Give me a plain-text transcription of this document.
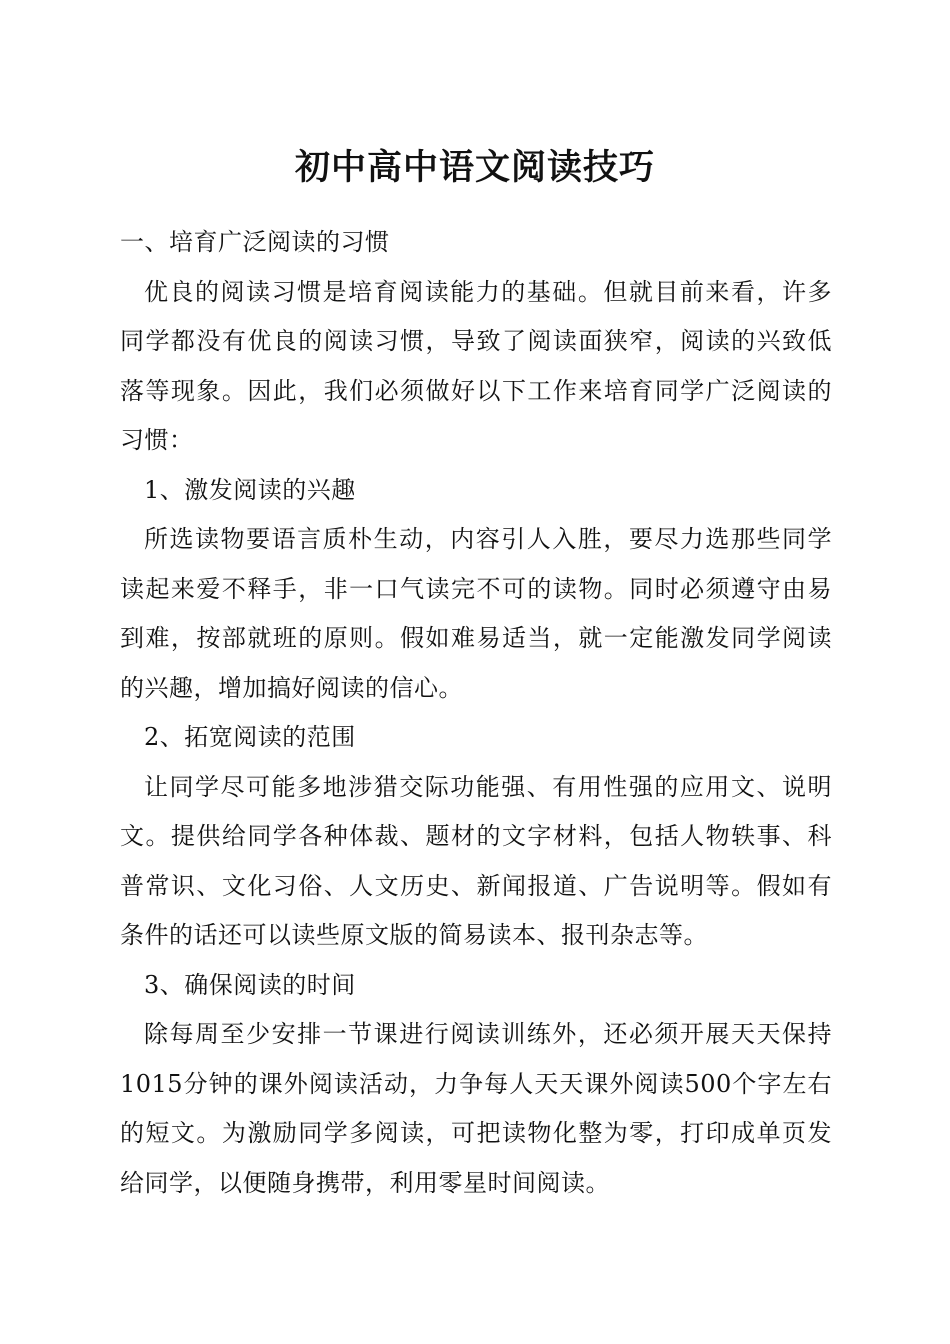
初中高中语文阅读技巧
一、培育广泛阅读的习惯
优良的阅读习惯是培育阅读能力的基础。但就目前来看，许多
同学都没有优良的阅读习惯，导致了阅读面狭窄，阅读的兴致低
落等现象。因此，我们必须做好以下工作来培育同学广泛阅读的
习惯：
1、激发阅读的兴趣
所选读物要语言质朴生动，内容引人入胜，要尽力选那些同学
读起来爱不释手，非一口气读完不可的读物。同时必须遵守由易
到难，按部就班的原则。假如难易适当，就一定能激发同学阅读
的兴趣，增加搞好阅读的信心。
2、拓宽阅读的范围
让同学尽可能多地涉猎交际功能强、有用性强的应用文、说明
文。提供给同学各种体裁、题材的文字材料，包括人物轶事、科
普常识、文化习俗、人文历史、新闻报道、广告说明等。假如有
条件的话还可以读些原文版的简易读本、报刊杂志等。
3、确保阅读的时间
除每周至少安排一节课进行阅读训练外，还必须开展天天保持
1015分钟的课外阅读活动，力争每人天天课外阅读500个字左右
的短文。为激励同学多阅读，可把读物化整为零，打印成单页发
给同学，以便随身携带，利用零星时间阅读。
